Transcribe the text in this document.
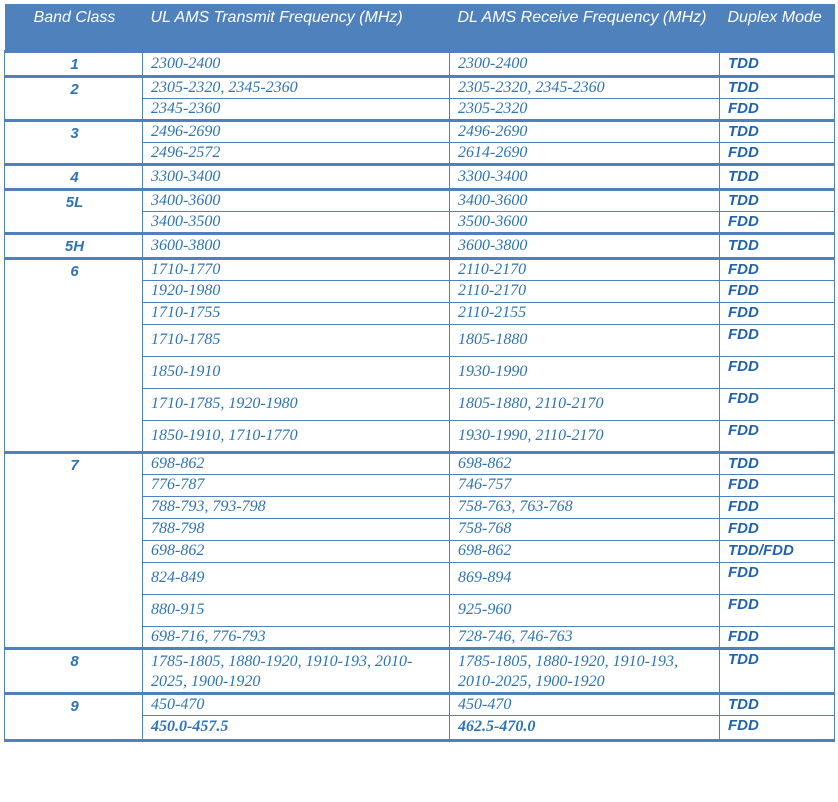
Band Class	UL AMS Transmit Frequency (MHz)	DL AMS Receive Frequency (MHz)	Duplex Mode
1	2300-2400	2300-2400	TDD
2	2305-2320, 2345-2360	2305-2320, 2345-2360	TDD
	2345-2360	2305-2320	FDD
3	2496-2690	2496-2690	TDD
	2496-2572	2614-2690	FDD
4	3300-3400	3300-3400	TDD
5L	3400-3600	3400-3600	TDD
	3400-3500	3500-3600	FDD
5H	3600-3800	3600-3800	TDD
6	1710-1770	2110-2170	FDD
	1920-1980	2110-2170	FDD
	1710-1755	2110-2155	FDD
	1710-1785	1805-1880	FDD
	1850-1910	1930-1990	FDD
	1710-1785, 1920-1980	1805-1880, 2110-2170	FDD
	1850-1910, 1710-1770	1930-1990, 2110-2170	FDD
7	698-862	698-862	TDD
	776-787	746-757	FDD
	788-793, 793-798	758-763, 763-768	FDD
	788-798	758-768	FDD
	698-862	698-862	TDD/FDD
	824-849	869-894	FDD
	880-915	925-960	FDD
	698-716, 776-793	728-746, 746-763	FDD
8	1785-1805, 1880-1920, 1910-193, 2010-2025, 1900-1920	1785-1805, 1880-1920, 1910-193, 2010-2025, 1900-1920	TDD
9	450-470	450-470	TDD
	450.0-457.5	462.5-470.0	FDD
